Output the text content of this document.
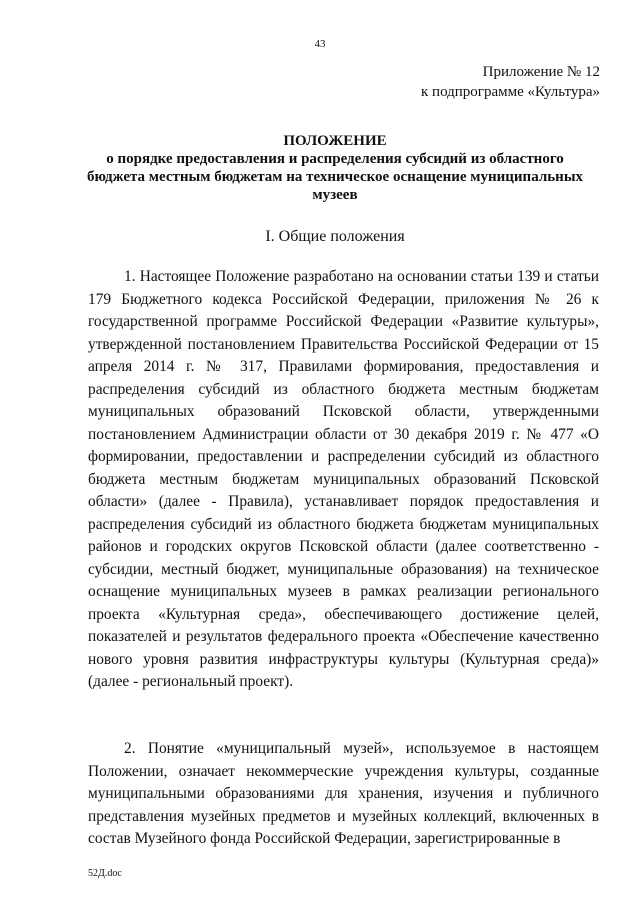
43
Приложение № 12
к подпрограмме «Культура»
ПОЛОЖЕНИЕ
о порядке предоставления и распределения субсидий из областного бюджета местным бюджетам на техническое оснащение муниципальных музеев
I. Общие положения

1. Настоящее Положение разработано на основании статьи 139 и статьи 179 Бюджетного кодекса Российской Федерации, приложения № 26 к государственной программе Российской Федерации «Развитие культуры», утвержденной постановлением Правительства Российской Федерации от 15 апреля 2014 г. № 317, Правилами формирования, предоставления и распределения субсидий из областного бюджета местным бюджетам муниципальных образований Псковской области, утвержденными постановлением Администрации области от 30 декабря 2019 г. № 477 «О формировании, предоставлении и распределении субсидий из областного бюджета местным бюджетам муниципальных образований Псковской области» (далее - Правила), устанавливает порядок предоставления и распределения субсидий из областного бюджета бюджетам муниципальных районов и городских округов Псковской области (далее соответственно - субсидии, местный бюджет, муниципальные образования) на техническое оснащение муниципальных музеев в рамках реализации регионального проекта «Культурная среда», обеспечивающего достижение целей, показателей и результатов федерального проекта «Обеспечение качественно нового уровня развития инфраструктуры культуры (Культурная среда)» (далее - региональный проект).

2. Понятие «муниципальный музей», используемое в настоящем Положении, означает некоммерческие учреждения культуры, созданные муниципальными образованиями для хранения, изучения и публичного представления музейных предметов и музейных коллекций, включенных в состав Музейного фонда Российской Федерации, зарегистрированные в

52Д.doc
